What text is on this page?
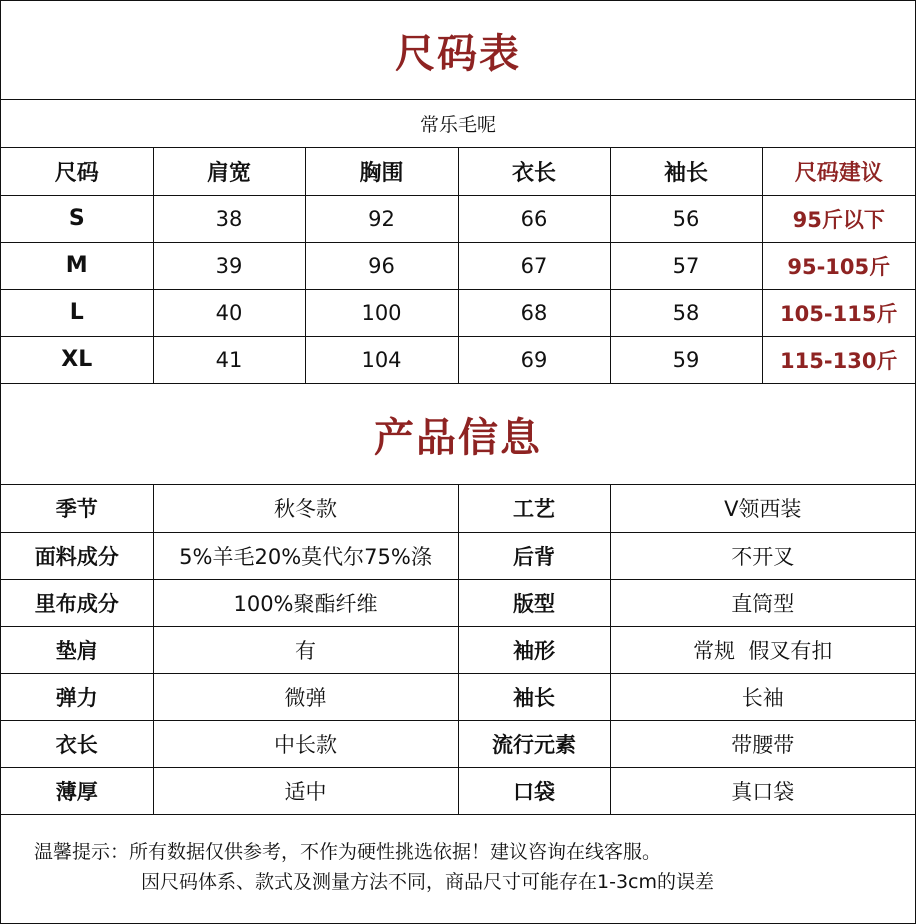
尺码表
常乐毛呢
尺码	肩宽	胸围	衣长	袖长	尺码建议
S	38	92	66	56	95斤以下
M	39	96	67	57	95-105斤
L	40	100	68	58	105-115斤
XL	41	104	69	59	115-130斤
产品信息
季节	秋冬款	工艺	V领西装
面料成分	5%羊毛20%莫代尔75%涤	后背	不开叉
里布成分	100%聚酯纤维	版型	直筒型
垫肩	有	袖形	常规  假叉有扣
弹力	微弹	袖长	长袖
衣长	中长款	流行元素	带腰带
薄厚	适中	口袋	真口袋
温馨提示：所有数据仅供参考，不作为硬性挑选依据！建议咨询在线客服。
因尺码体系、款式及测量方法不同，商品尺寸可能存在1-3cm的误差
